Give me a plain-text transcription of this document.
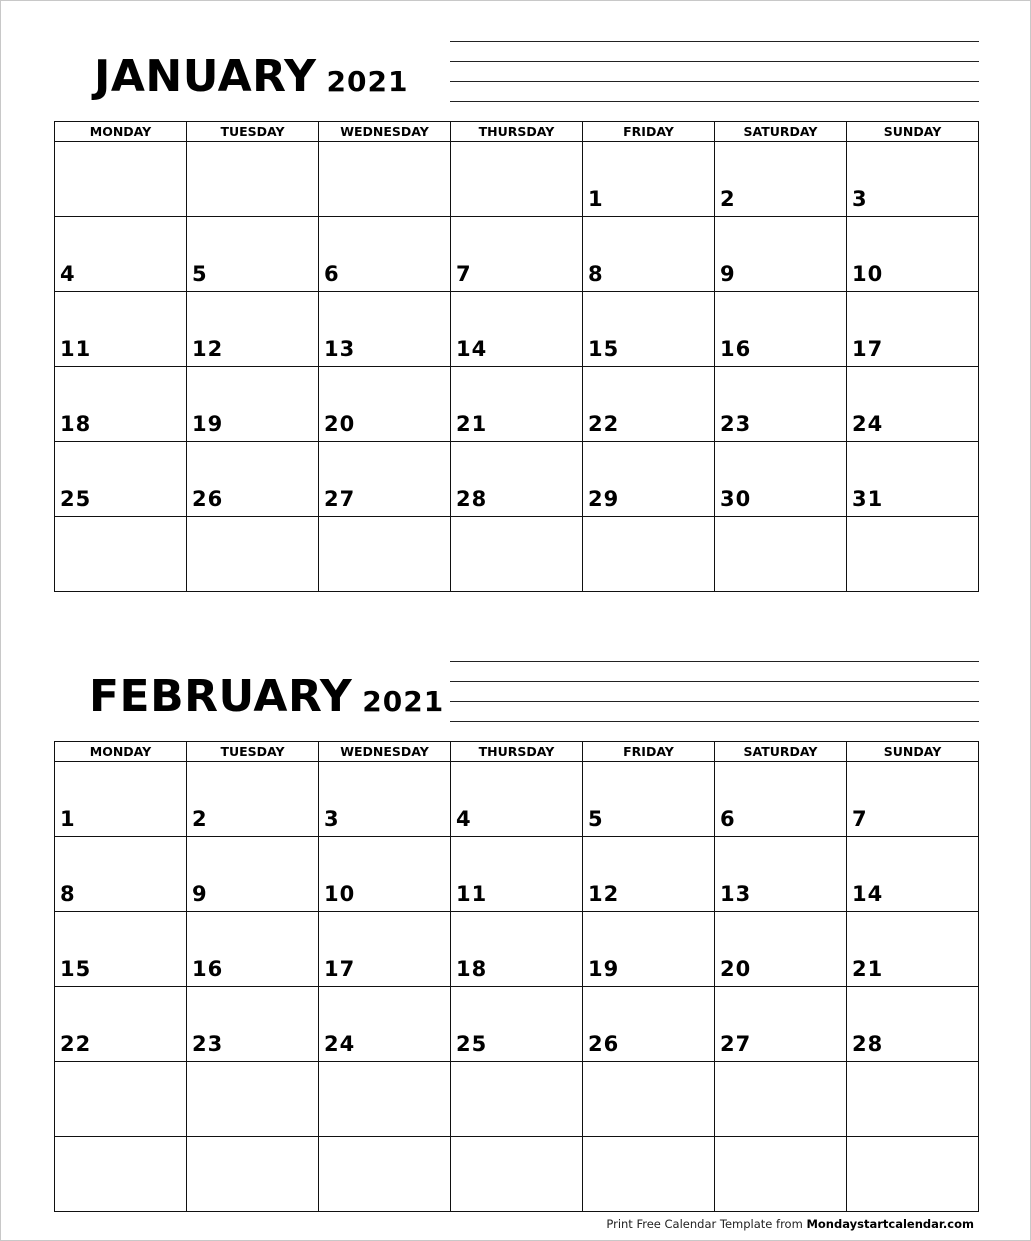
JANUARY 2021
MONDAY	TUESDAY	WEDNESDAY	THURSDAY	FRIDAY	SATURDAY	SUNDAY

				1	2	3

4	5	6	7	8	9	10

11	12	13	14	15	16	17

18	19	20	21	22	23	24

25	26	27	28	29	30	31

FEBRUARY 2021
MONDAY	TUESDAY	WEDNESDAY	THURSDAY	FRIDAY	SATURDAY	SUNDAY

1	2	3	4	5	6	7

8	9	10	11	12	13	14

15	16	17	18	19	20	21

22	23	24	25	26	27	28

Print Free Calendar Template from Mondaystartcalendar.com
